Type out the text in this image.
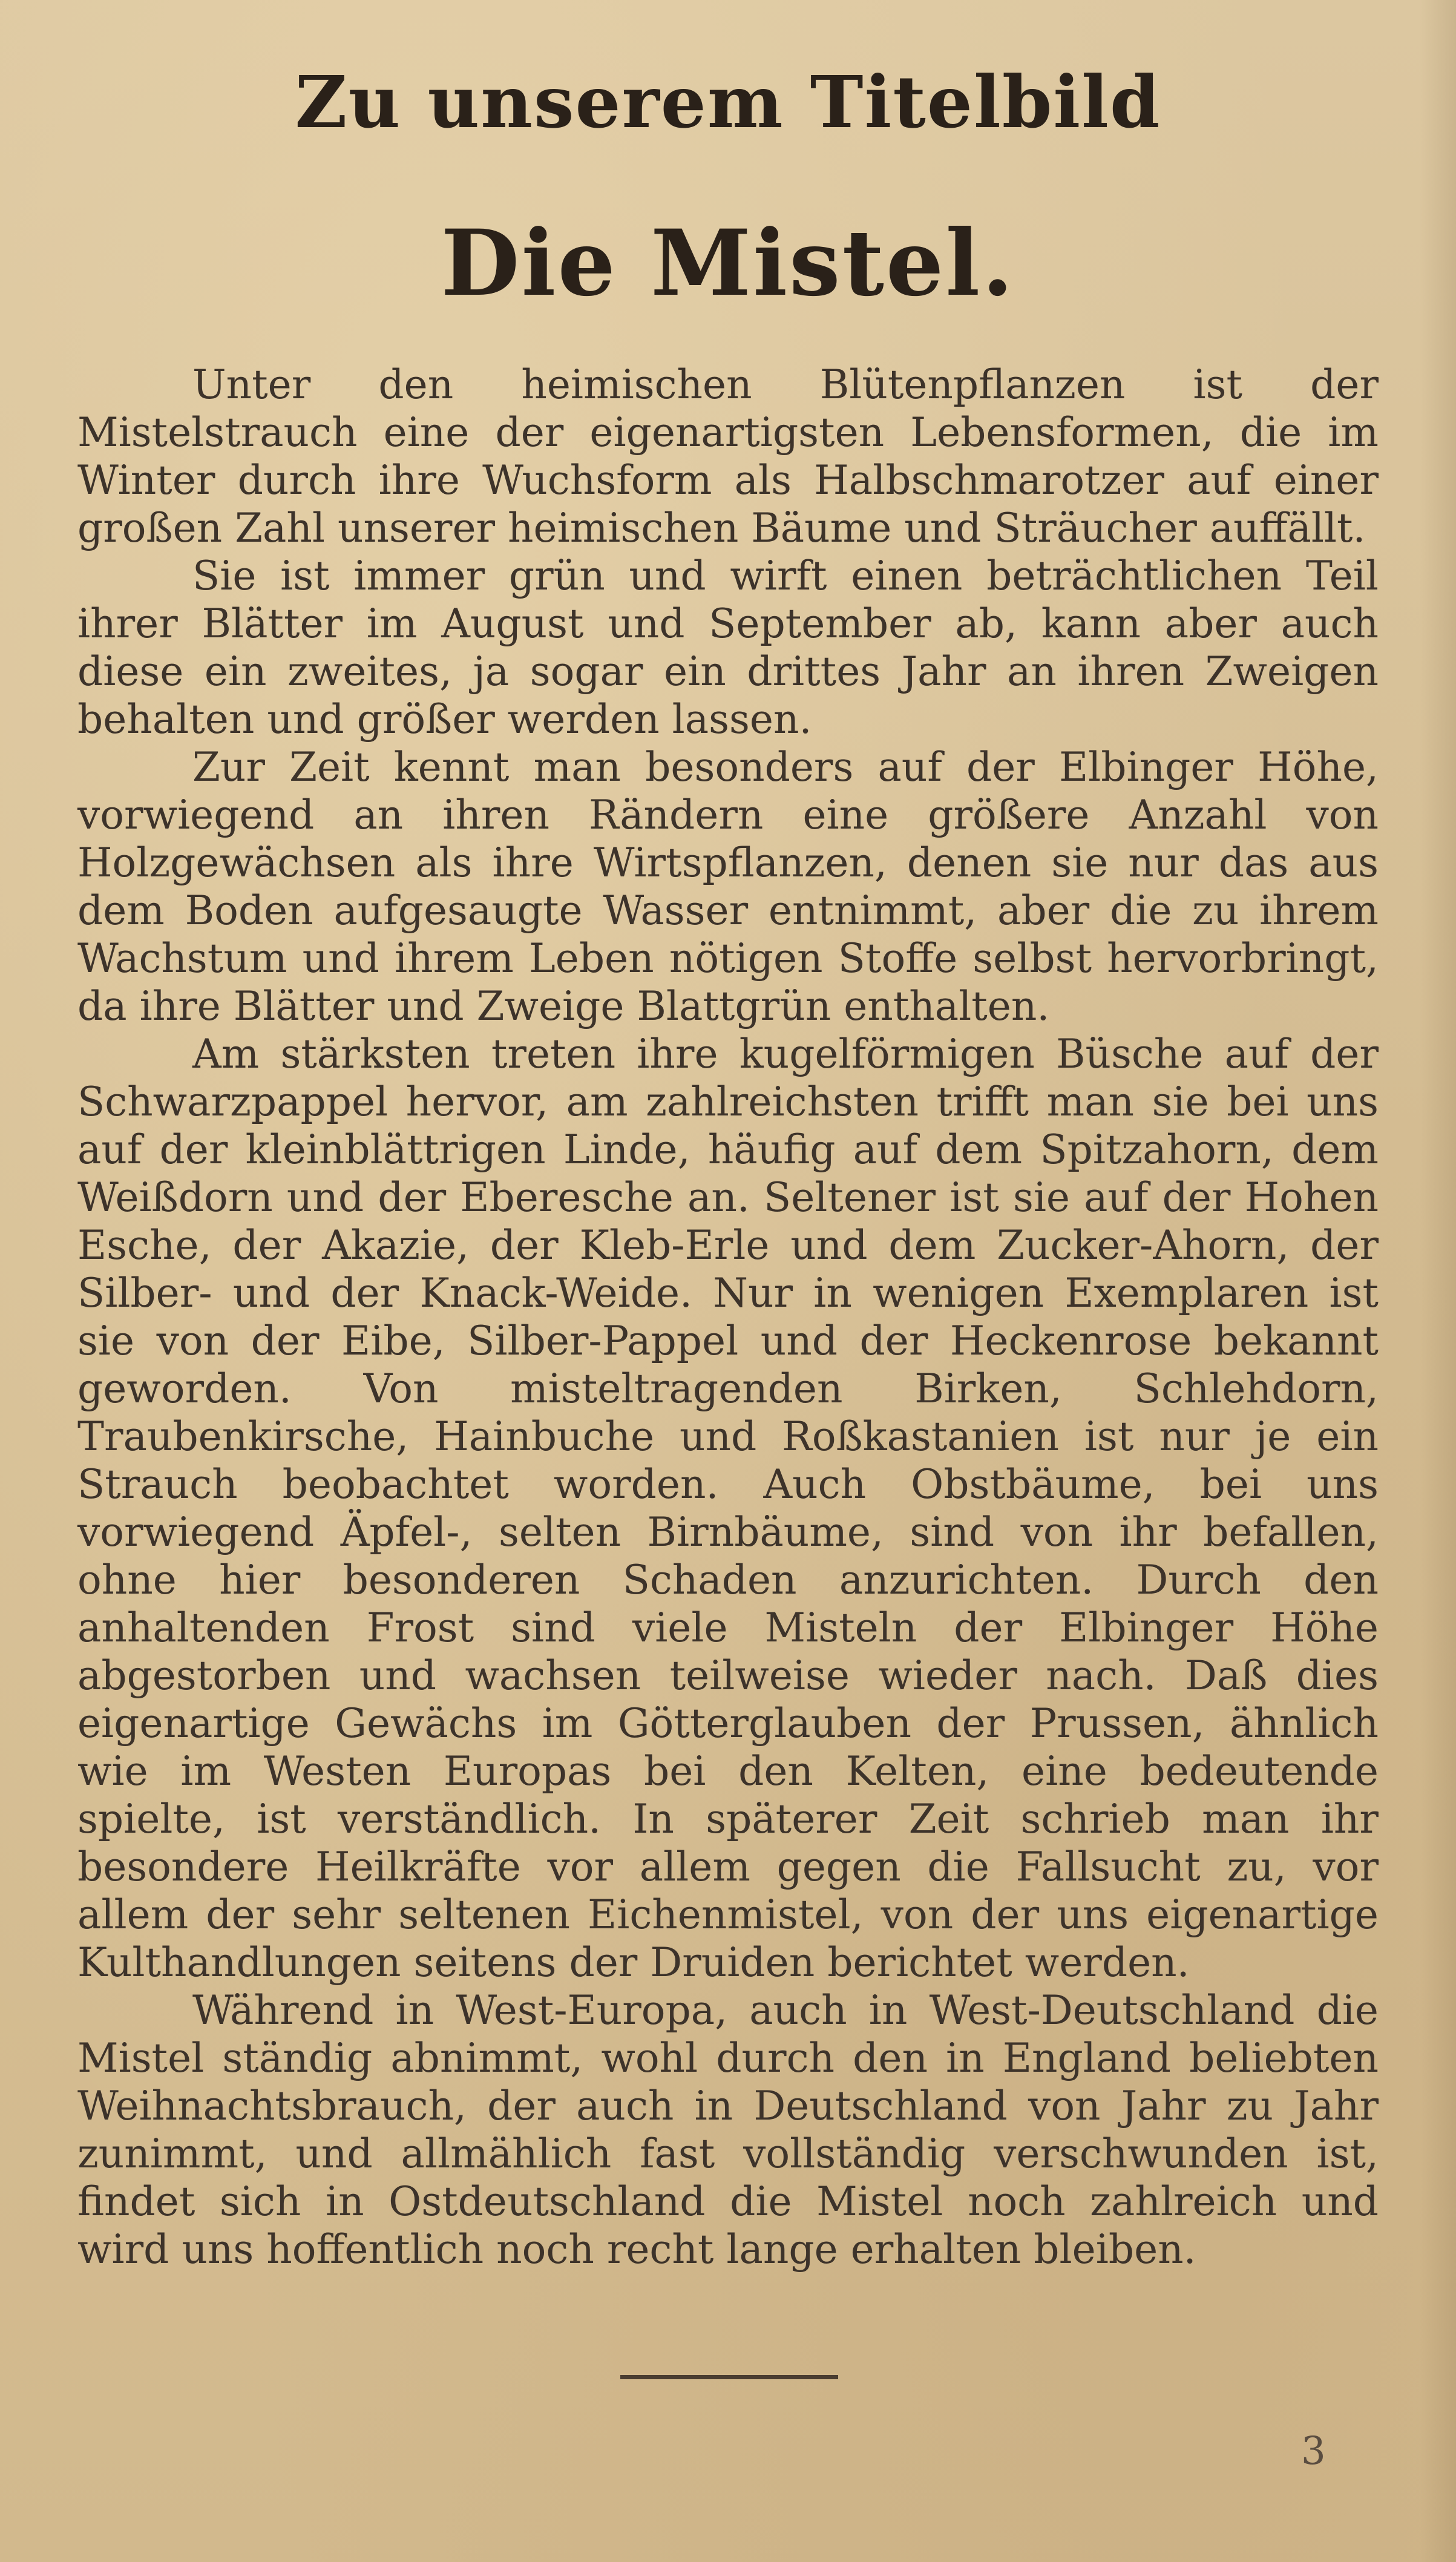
Zu unserem Titelbild
Die Mistel.

Unter den heimischen Blütenpflanzen ist der Mistelstrauch eine der eigenartigsten Lebensformen, die im Winter durch ihre Wuchsform als Halbschmarotzer auf einer großen Zahl unserer heimischen Bäume und Sträucher auffällt.

Sie ist immer grün und wirft einen beträchtlichen Teil ihrer Blätter im August und September ab, kann aber auch diese ein zweites, ja sogar ein drittes Jahr an ihren Zweigen behalten und größer werden lassen.

Zur Zeit kennt man besonders auf der Elbinger Höhe, vorwiegend an ihren Rändern eine größere Anzahl von Holzgewächsen als ihre Wirtspflanzen, denen sie nur das aus dem Boden aufgesaugte Wasser entnimmt, aber die zu ihrem Wachstum und ihrem Leben nötigen Stoffe selbst hervorbringt, da ihre Blätter und Zweige Blattgrün enthalten.

Am stärksten treten ihre kugelförmigen Büsche auf der Schwarzpappel hervor, am zahlreichsten trifft man sie bei uns auf der kleinblättrigen Linde, häufig auf dem Spitzahorn, dem Weißdorn und der Eberesche an. Seltener ist sie auf der Hohen Esche, der Akazie, der Kleb-Erle und dem Zucker-Ahorn, der Silber- und der Knack-Weide. Nur in wenigen Exemplaren ist sie von der Eibe, Silber-Pappel und der Heckenrose bekannt geworden. Von misteltragenden Birken, Schlehdorn, Traubenkirsche, Hainbuche und Roßkastanien ist nur je ein Strauch beobachtet worden. Auch Obstbäume, bei uns vorwiegend Äpfel-, selten Birnbäume, sind von ihr befallen, ohne hier besonderen Schaden anzurichten. Durch den anhaltenden Frost sind viele Misteln der Elbinger Höhe abgestorben und wachsen teilweise wieder nach. Daß dies eigenartige Gewächs im Götterglauben der Prussen, ähnlich wie im Westen Europas bei den Kelten, eine bedeutende spielte, ist verständlich. In späterer Zeit schrieb man ihr besondere Heilkräfte vor allem gegen die Fallsucht zu, vor allem der sehr seltenen Eichenmistel, von der uns eigenartige Kulthandlungen seitens der Druiden berichtet werden.

Während in West-Europa, auch in West-Deutschland die Mistel ständig abnimmt, wohl durch den in England beliebten Weihnachtsbrauch, der auch in Deutschland von Jahr zu Jahr zunimmt, und allmählich fast vollständig verschwunden ist, findet sich in Ostdeutschland die Mistel noch zahlreich und wird uns hoffentlich noch recht lange erhalten bleiben.

3
